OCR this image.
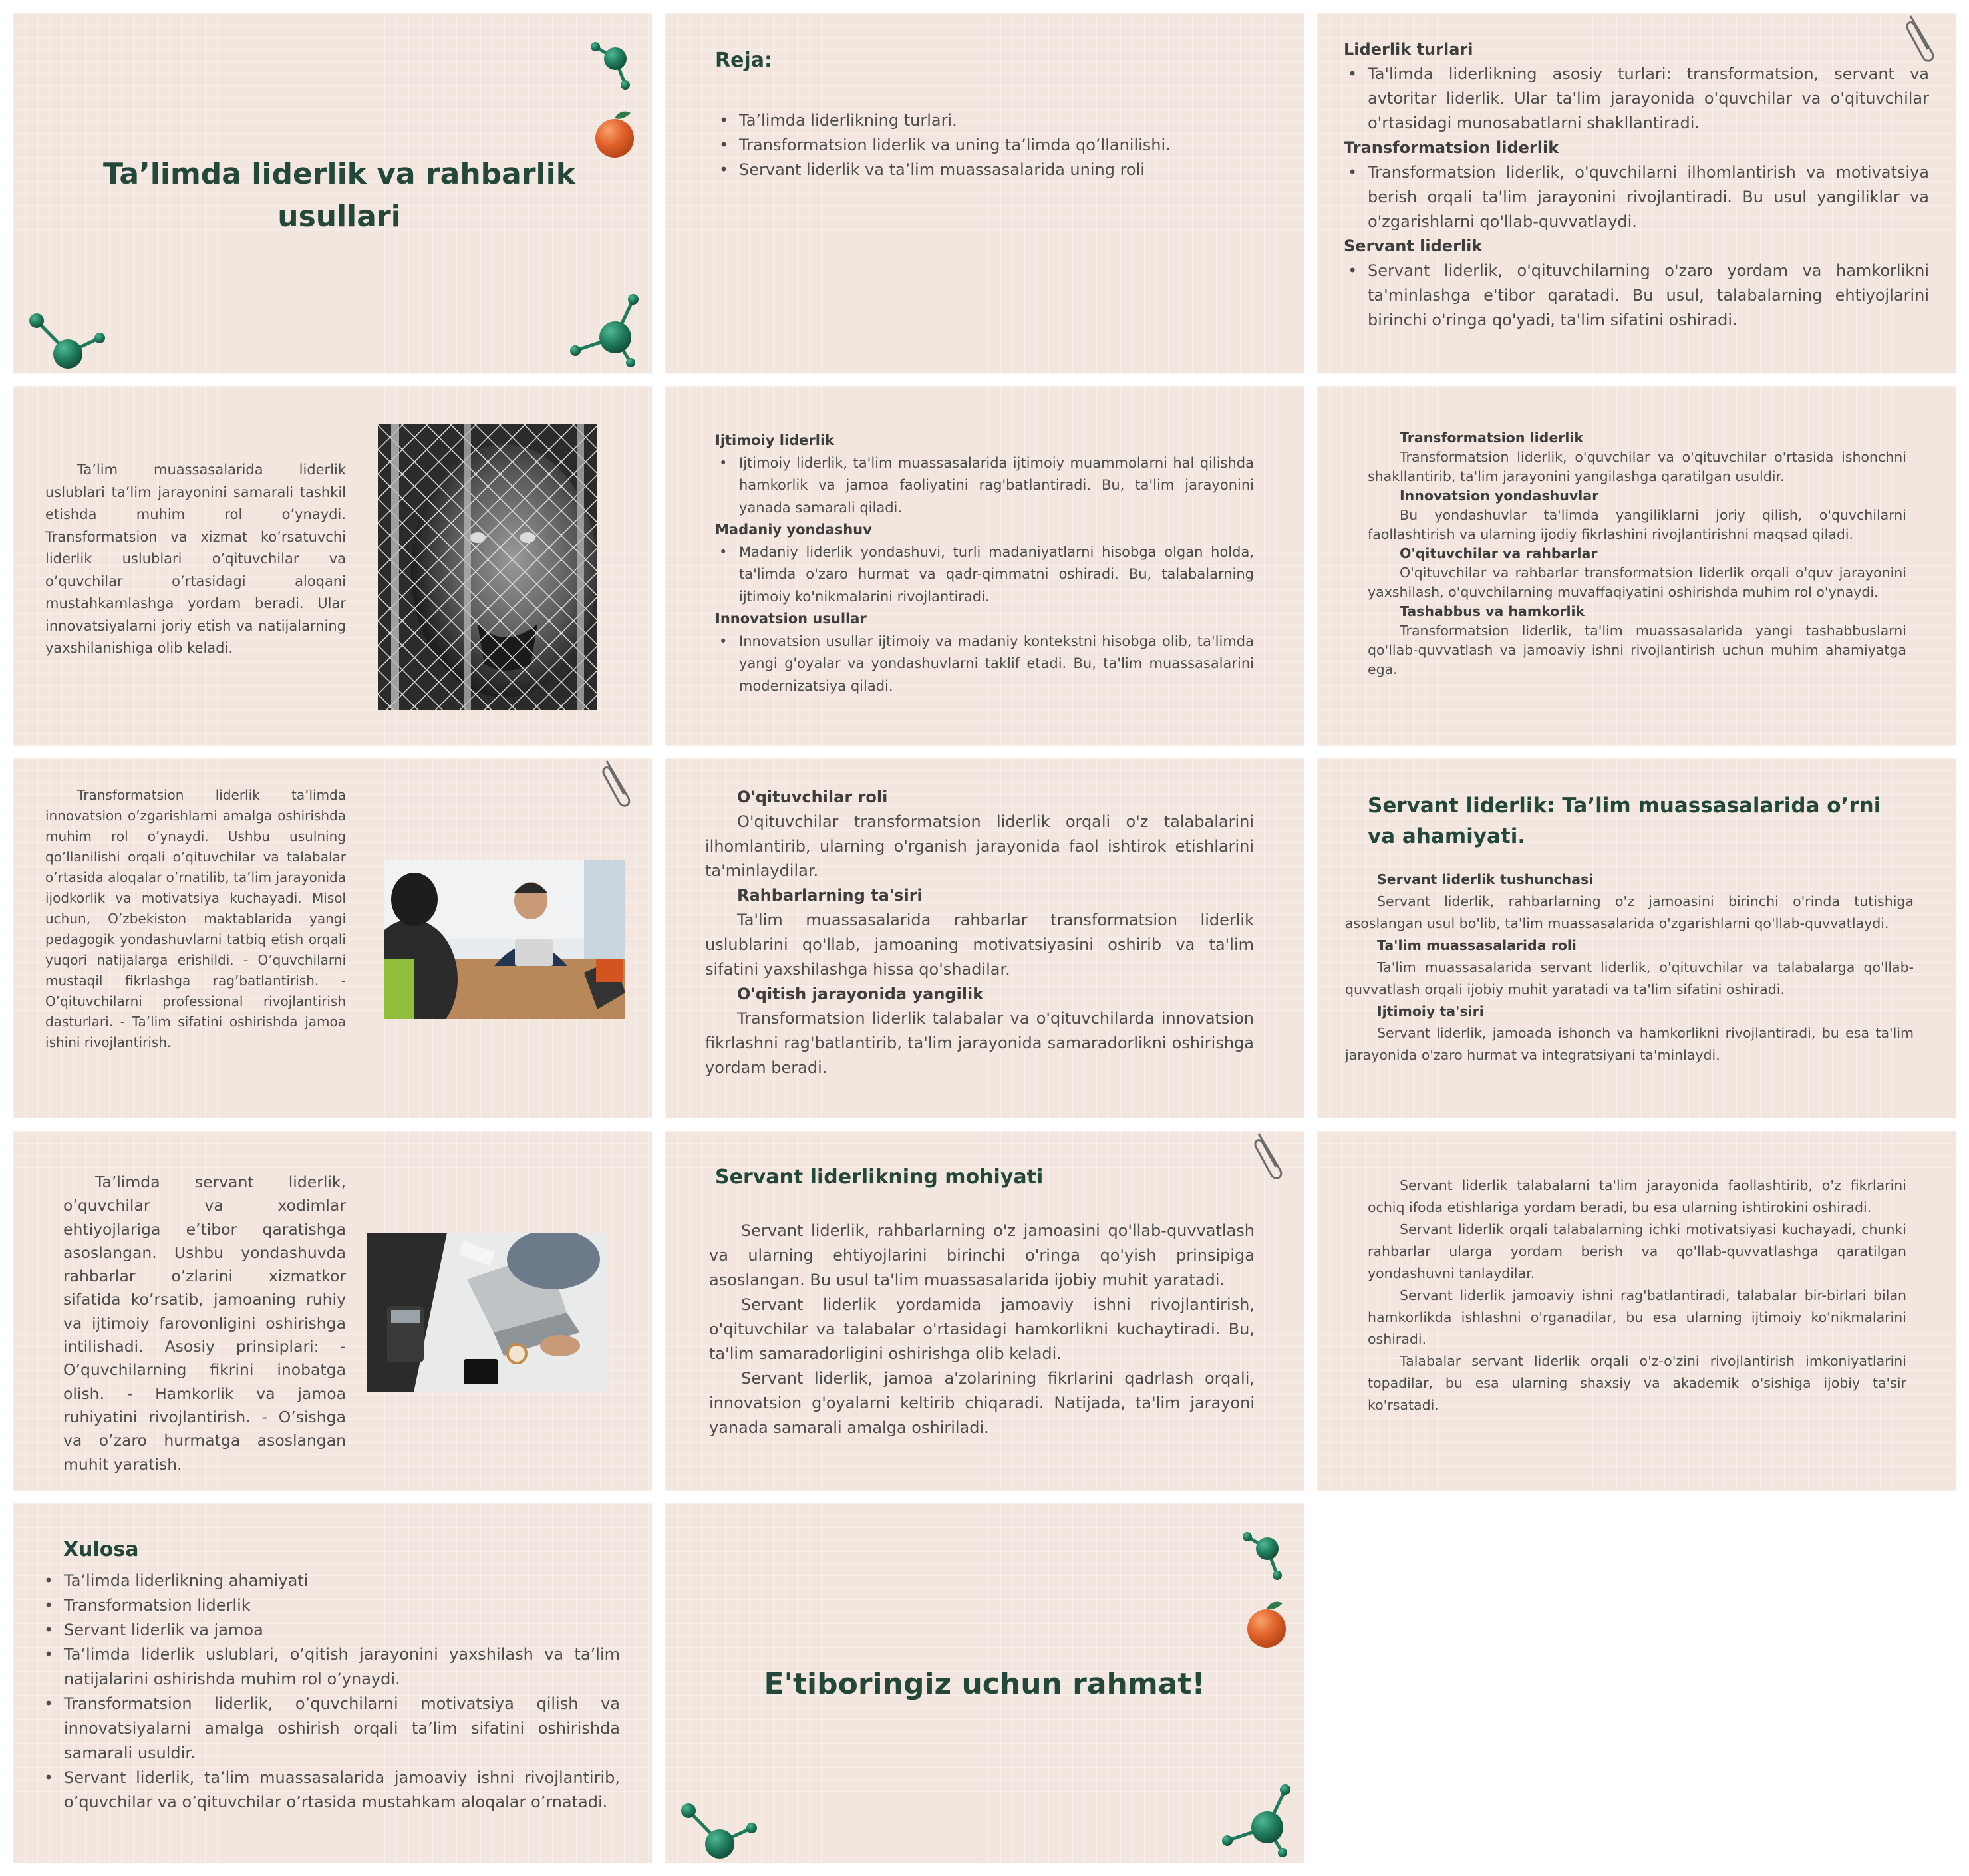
Ta’limda liderlik va rahbarlik usullari
Reja:
• Ta’limda liderlikning turlari.
• Transformatsion liderlik va uning ta’limda qo’llanilishi.
• Servant liderlik va ta’lim muassasalarida uning roli
Liderlik turlari
• Ta'limda liderlikning asosiy turlari: transformatsion, servant va avtoritar liderlik. Ular ta'lim jarayonida o'quvchilar va o'qituvchilar o'rtasidagi munosabatlarni shakllantiradi.
Transformatsion liderlik
• Transformatsion liderlik, o'quvchilarni ilhomlantirish va motivatsiya berish orqali ta'lim jarayonini rivojlantiradi. Bu usul yangiliklar va o'zgarishlarni qo'llab-quvvatlaydi.
Servant liderlik
• Servant liderlik, o'qituvchilarning o'zaro yordam va hamkorlikni ta'minlashga e'tibor qaratadi. Bu usul, talabalarning ehtiyojlarini birinchi o'ringa qo'yadi, ta'lim sifatini oshiradi.
Ta’lim muassasalarida liderlik uslublari ta’lim jarayonini samarali tashkil etishda muhim rol o’ynaydi. Transformatsion va xizmat ko’rsatuvchi liderlik uslublari o’qituvchilar va o’quvchilar o’rtasidagi aloqani mustahkamlashga yordam beradi. Ular innovatsiyalarni joriy etish va natijalarning yaxshilanishiga olib keladi.
Ijtimoiy liderlik
• Ijtimoiy liderlik, ta'lim muassasalarida ijtimoiy muammolarni hal qilishda hamkorlik va jamoa faoliyatini rag'batlantiradi. Bu, ta'lim jarayonini yanada samarali qiladi.
Madaniy yondashuv
• Madaniy liderlik yondashuvi, turli madaniyatlarni hisobga olgan holda, ta'limda o'zaro hurmat va qadr-qimmatni oshiradi. Bu, talabalarning ijtimoiy ko'nikmalarini rivojlantiradi.
Innovatsion usullar
• Innovatsion usullar ijtimoiy va madaniy kontekstni hisobga olib, ta'limda yangi g'oyalar va yondashuvlarni taklif etadi. Bu, ta'lim muassasalarini modernizatsiya qiladi.
Transformatsion liderlik
Transformatsion liderlik, o'quvchilar va o'qituvchilar o'rtasida ishonchni shakllantirib, ta'lim jarayonini yangilashga qaratilgan usuldir.
Innovatsion yondashuvlar
Bu yondashuvlar ta'limda yangiliklarni joriy qilish, o'quvchilarni faollashtirish va ularning ijodiy fikrlashini rivojlantirishni maqsad qiladi.
O'qituvchilar va rahbarlar
O'qituvchilar va rahbarlar transformatsion liderlik orqali o'quv jarayonini yaxshilash, o'quvchilarning muvaffaqiyatini oshirishda muhim rol o'ynaydi.
Tashabbus va hamkorlik
Transformatsion liderlik, ta'lim muassasalarida yangi tashabbuslarni qo'llab-quvvatlash va jamoaviy ishni rivojlantirish uchun muhim ahamiyatga ega.
Transformatsion liderlik ta’limda innovatsion o’zgarishlarni amalga oshirishda muhim rol o’ynaydi. Ushbu usulning qo’llanilishi orqali o’qituvchilar va talabalar o’rtasida aloqalar o’rnatilib, ta’lim jarayonida ijodkorlik va motivatsiya kuchayadi. Misol uchun, O’zbekiston maktablarida yangi pedagogik yondashuvlarni tatbiq etish orqali yuqori natijalarga erishildi. - O’quvchilarni mustaqil fikrlashga rag’batlantirish. - O’qituvchilarni professional rivojlantirish dasturlari. - Ta’lim sifatini oshirishda jamoa ishini rivojlantirish.
O'qituvchilar roli
O'qituvchilar transformatsion liderlik orqali o'z talabalarini ilhomlantirib, ularning o'rganish jarayonida faol ishtirok etishlarini ta'minlaydilar.
Rahbarlarning ta'siri
Ta'lim muassasalarida rahbarlar transformatsion liderlik uslublarini qo'llab, jamoaning motivatsiyasini oshirib va ta'lim sifatini yaxshilashga hissa qo'shadilar.
O'qitish jarayonida yangilik
Transformatsion liderlik talabalar va o'qituvchilarda innovatsion fikrlashni rag'batlantirib, ta'lim jarayonida samaradorlikni oshirishga yordam beradi.
Servant liderlik: Ta’lim muassasalarida o’rni va ahamiyati.
Servant liderlik tushunchasi
Servant liderlik, rahbarlarning o'z jamoasini birinchi o'rinda tutishiga asoslangan usul bo'lib, ta'lim muassasalarida o'zgarishlarni qo'llab-quvvatlaydi.
Ta'lim muassasalarida roli
Ta'lim muassasalarida servant liderlik, o'qituvchilar va talabalarga qo'llab-quvvatlash orqali ijobiy muhit yaratadi va ta'lim sifatini oshiradi.
Ijtimoiy ta'siri
Servant liderlik, jamoada ishonch va hamkorlikni rivojlantiradi, bu esa ta'lim jarayonida o'zaro hurmat va integratsiyani ta'minlaydi.
Ta’limda servant liderlik, o’quvchilar va xodimlar ehtiyojlariga e’tibor qaratishga asoslangan. Ushbu yondashuvda rahbarlar o’zlarini xizmatkor sifatida ko’rsatib, jamoaning ruhiy va ijtimoiy farovonligini oshirishga intilishadi. Asosiy prinsiplari: - O’quvchilarning fikrini inobatga olish. - Hamkorlik va jamoa ruhiyatini rivojlantirish. - O’sishga va o’zaro hurmatga asoslangan muhit yaratish.
Servant liderlikning mohiyati
Servant liderlik, rahbarlarning o'z jamoasini qo'llab-quvvatlash va ularning ehtiyojlarini birinchi o'ringa qo'yish prinsipiga asoslangan. Bu usul ta'lim muassasalarida ijobiy muhit yaratadi.
Servant liderlik yordamida jamoaviy ishni rivojlantirish, o'qituvchilar va talabalar o'rtasidagi hamkorlikni kuchaytiradi. Bu, ta'lim samaradorligini oshirishga olib keladi.
Servant liderlik, jamoa a'zolarining fikrlarini qadrlash orqali, innovatsion g'oyalarni keltirib chiqaradi. Natijada, ta'lim jarayoni yanada samarali amalga oshiriladi.
Servant liderlik talabalarni ta'lim jarayonida faollashtirib, o'z fikrlarini ochiq ifoda etishlariga yordam beradi, bu esa ularning ishtirokini oshiradi.
Servant liderlik orqali talabalarning ichki motivatsiyasi kuchayadi, chunki rahbarlar ularga yordam berish va qo'llab-quvvatlashga qaratilgan yondashuvni tanlaydilar.
Servant liderlik jamoaviy ishni rag'batlantiradi, talabalar bir-birlari bilan hamkorlikda ishlashni o'rganadilar, bu esa ularning ijtimoiy ko'nikmalarini oshiradi.
Talabalar servant liderlik orqali o'z-o'zini rivojlantirish imkoniyatlarini topadilar, bu esa ularning shaxsiy va akademik o'sishiga ijobiy ta'sir ko'rsatadi.
Xulosa
• Ta’limda liderlikning ahamiyati
• Transformatsion liderlik
• Servant liderlik va jamoa
• Ta’limda liderlik uslublari, o’qitish jarayonini yaxshilash va ta’lim natijalarini oshirishda muhim rol o’ynaydi.
• Transformatsion liderlik, o’quvchilarni motivatsiya qilish va innovatsiyalarni amalga oshirish orqali ta’lim sifatini oshirishda samarali usuldir.
• Servant liderlik, ta’lim muassasalarida jamoaviy ishni rivojlantirib, o’quvchilar va o’qituvchilar o’rtasida mustahkam aloqalar o’rnatadi.
E'tiboringiz uchun rahmat!
